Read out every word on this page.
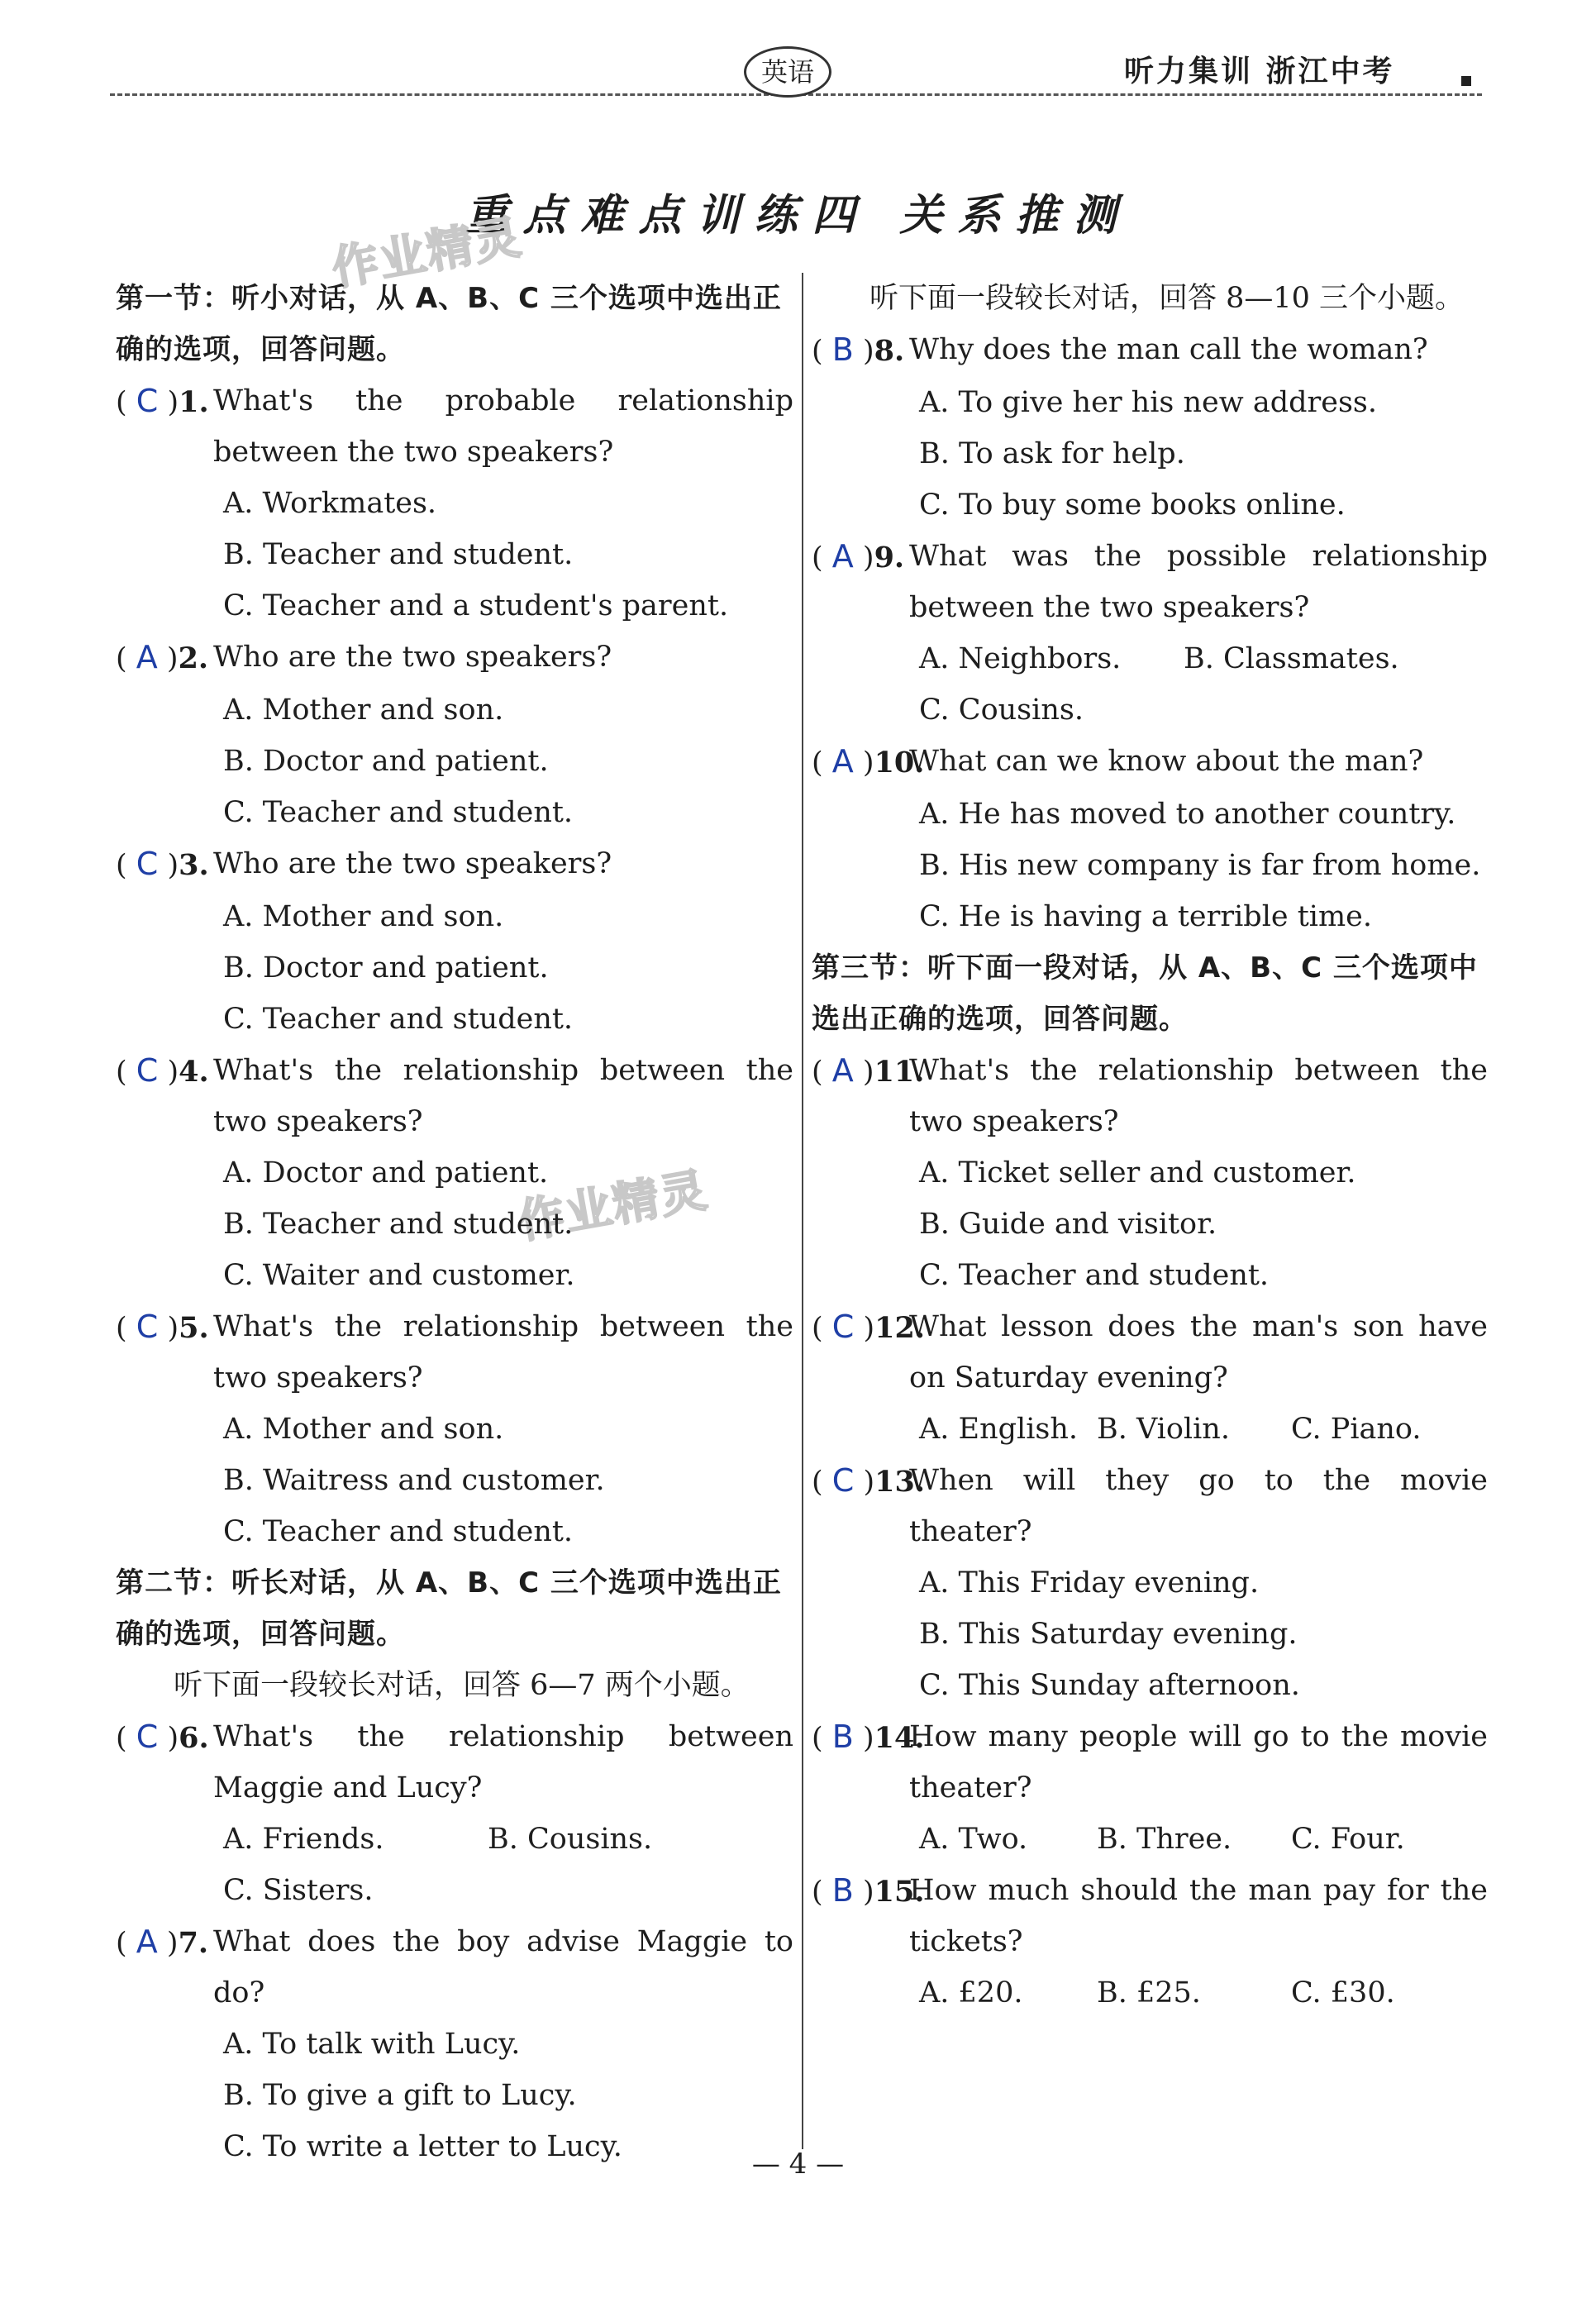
英语	听力集训 浙江中考
重点难点训练四 关系推测
作业精灵
作业精灵
第一节：听小对话，从 A、B、C 三个选项中选出正确的选项，回答问题。
( C )1. What's the probable relationship between the two speakers?
A. Workmates.
B. Teacher and student.
C. Teacher and a student's parent.
( A )2. Who are the two speakers?
A. Mother and son.
B. Doctor and patient.
C. Teacher and student.
( C )3. Who are the two speakers?
A. Mother and son.
B. Doctor and patient.
C. Teacher and student.
( C )4. What's the relationship between the two speakers?
A. Doctor and patient.
B. Teacher and student.
C. Waiter and customer.
( C )5. What's the relationship between the two speakers?
A. Mother and son.
B. Waitress and customer.
C. Teacher and student.
第二节：听长对话，从 A、B、C 三个选项中选出正确的选项，回答问题。
听下面一段较长对话，回答 6—7 两个小题。
( C )6. What's the relationship between Maggie and Lucy?
A. Friends.	B. Cousins.
C. Sisters.
( A )7. What does the boy advise Maggie to do?
A. To talk with Lucy.
B. To give a gift to Lucy.
C. To write a letter to Lucy.
听下面一段较长对话，回答 8—10 三个小题。
( B )8. Why does the man call the woman?
A. To give her his new address.
B. To ask for help.
C. To buy some books online.
( A )9. What was the possible relationship between the two speakers?
A. Neighbors.	B. Classmates.
C. Cousins.
( A )10.
What can we know about the man?
A. He has moved to another country.
B. His new company is far from home.
C. He is having a terrible time.
第三节：听下面一段对话，从 A、B、C 三个选项中选出正确的选项，回答问题。
( A )11.
What's the relationship between the two speakers?
A. Ticket seller and customer.
B. Guide and visitor.
C. Teacher and student.
( C )12.
What lesson does the man's son have on Saturday evening?
A. English. B. Violin.	C. Piano.
( C )13.
When will they go to the movie theater?
A. This Friday evening.
B. This Saturday evening.
C. This Sunday afternoon.
( B )14.
How many people will go to the movie theater?
A. Two.	B. Three.	C. Four.
( B )15.
How much should the man pay for the tickets?
A. £20.	B. £25.	C. £30.
— 4 —
